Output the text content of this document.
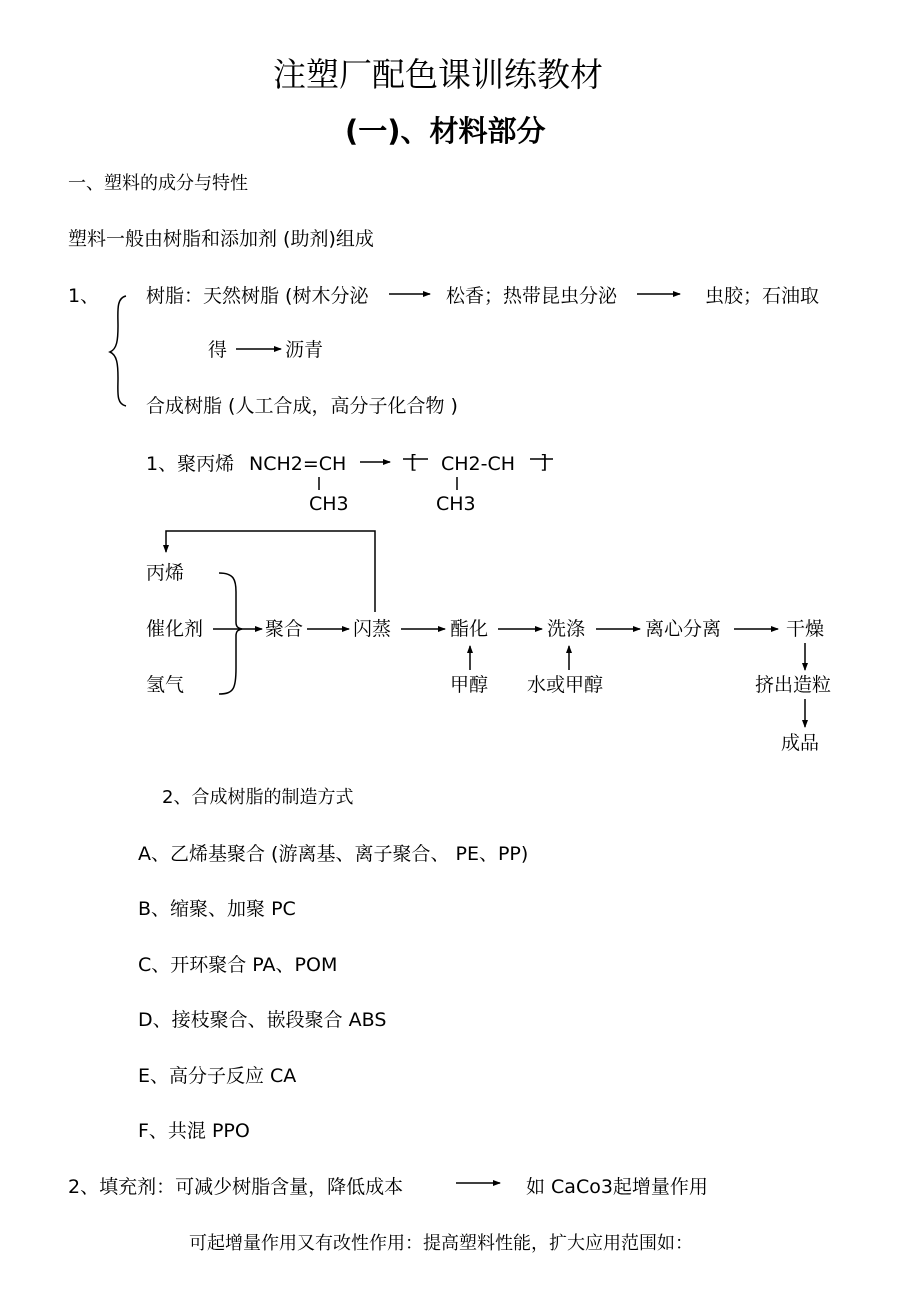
注塑厂配色课训练教材
(一)、材料部分
一、塑料的成分与特性
塑料一般由树脂和添加剂 (助剂)组成
1、 树脂：天然树脂 (树木分泌	松香；热带昆虫分泌	虫胶；石油取
得	沥青
合成树脂 (人工合成，高分子化合物 )
1、聚丙烯 NCH2=CH	[ CH2-CH ]
CH3	CH3
丙烯
催化剂
氢气
聚合	闪蒸	酯化	洗涤	离心分离	干燥
甲醇 水或甲醇	挤出造粒
成品
2、合成树脂的制造方式
A、乙烯基聚合 (游离基、离子聚合、 PE、PP)
B、缩聚、加聚 PC
C、开环聚合 PA、POM
D、接枝聚合、嵌段聚合 ABS
E、高分子反应 CA
F、共混 PPO
2、填充剂：可减少树脂含量，降低成本	如 CaCo3起增量作用
可起增量作用又有改性作用：提高塑料性能，扩大应用范围如：
